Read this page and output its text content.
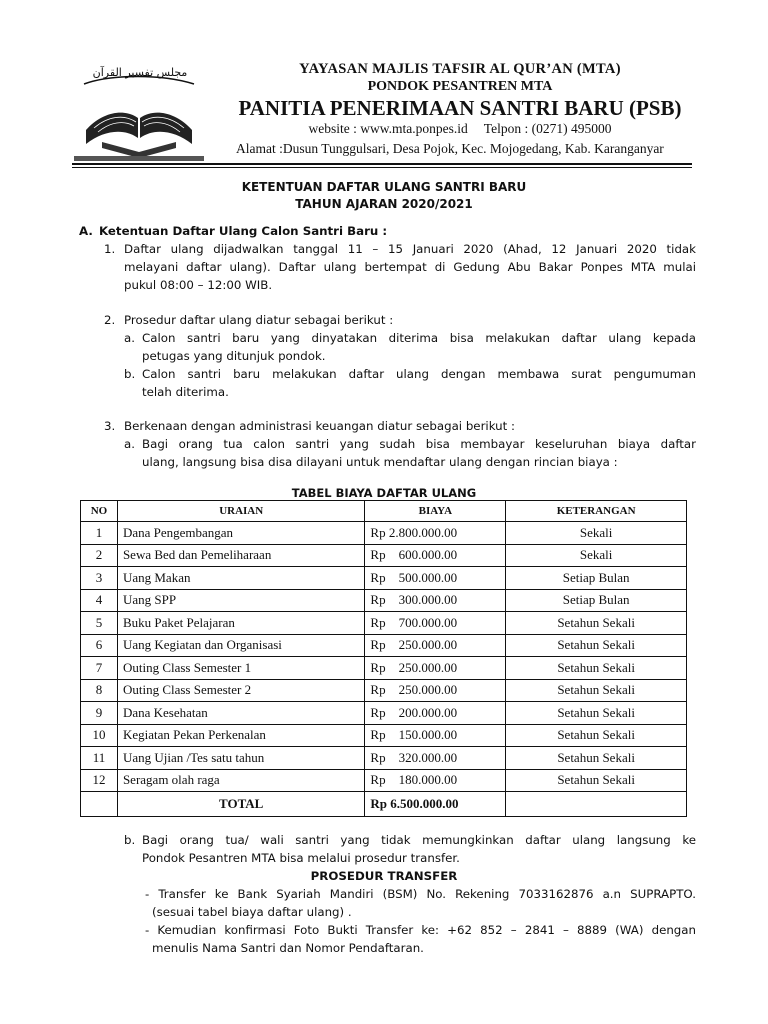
مجلس تفسير القرآن	YAYASAN MAJLIS TAFSIR AL QUR’AN (MTA)
PONDOK PESANTREN MTA
PANITIA PENERIMAAN SANTRI BARU (PSB)
website : www.mta.ponpes.id Telpon : (0271) 495000
Alamat :Dusun Tunggulsari, Desa Pojok, Kec. Mojogedang, Kab. Karanganyar
KETENTUAN DAFTAR ULANG SANTRI BARU
TAHUN AJARAN 2020/2021
A. Ketentuan Daftar Ulang Calon Santri Baru :
1. Daftar ulang dijadwalkan tanggal 11 – 15 Januari 2020 (Ahad, 12 Januari 2020 tidak
melayani daftar ulang). Daftar ulang bertempat di Gedung Abu Bakar Ponpes MTA mulai
pukul 08:00 – 12:00 WIB.
2. Prosedur daftar ulang diatur sebagai berikut :
a. Calon santri baru yang dinyatakan diterima bisa melakukan daftar ulang kepada
petugas yang ditunjuk pondok.
b. Calon santri baru melakukan daftar ulang dengan membawa surat pengumuman
telah diterima.
3. Berkenaan dengan administrasi keuangan diatur sebagai berikut :
a. Bagi orang tua calon santri yang sudah bisa membayar keseluruhan biaya daftar
ulang, langsung bisa disa dilayani untuk mendaftar ulang dengan rincian biaya :
TABEL BIAYA DAFTAR ULANG
NO	URAIAN	BIAYA	KETERANGAN
1	Dana Pengembangan	Rp 2.800.000.00	Sekali
2	Sewa Bed dan Pemeliharaan	Rp    600.000.00	Sekali
3	Uang Makan	Rp    500.000.00	Setiap Bulan
4	Uang SPP	Rp    300.000.00	Setiap Bulan
5	Buku Paket Pelajaran	Rp    700.000.00	Setahun Sekali
6	Uang Kegiatan dan Organisasi	Rp    250.000.00	Setahun Sekali
7	Outing Class Semester 1	Rp    250.000.00	Setahun Sekali
8	Outing Class Semester 2	Rp    250.000.00	Setahun Sekali
9	Dana Kesehatan	Rp    200.000.00	Setahun Sekali
10	Kegiatan Pekan Perkenalan	Rp    150.000.00	Setahun Sekali
11	Uang Ujian /Tes satu tahun	Rp    320.000.00	Setahun Sekali
12	Seragam olah raga	Rp    180.000.00	Setahun Sekali
	TOTAL	Rp 6.500.000.00	
b. Bagi orang tua/ wali santri yang tidak memungkinkan daftar ulang langsung ke
Pondok Pesantren MTA bisa melalui prosedur transfer.
PROSEDUR TRANSFER
- Transfer ke Bank Syariah Mandiri (BSM) No. Rekening 7033162876 a.n SUPRAPTO.
(sesuai tabel biaya daftar ulang) .
- Kemudian konfirmasi Foto Bukti Transfer ke: +62 852 – 2841 – 8889 (WA) dengan
menulis Nama Santri dan Nomor Pendaftaran.
